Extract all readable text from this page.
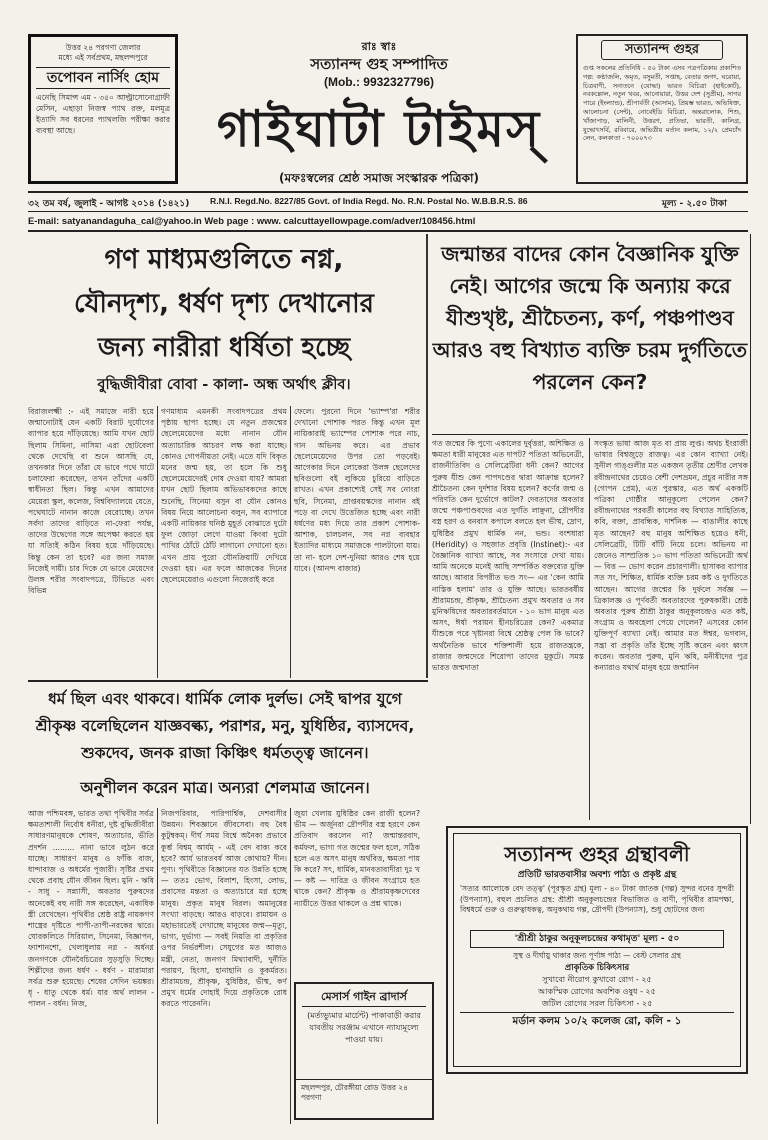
উত্তর ২৪ পরগণা জেলার
মধ্যে এই সর্বপ্রথম, মছলন্দপুরে
তপোবন নার্সিং হোম
এনেছি সিমান্স এম - ৩৫০ আল্ট্রাসোনোগ্রাফী মেসিন, এছাড়া নিজস্ব প্যাথ রক্ত, মলমূত্র ইত্যাদি সব ধরনের প্যাথলজি পরীক্ষা করার ব্যবস্থা আছে।
রাঃ স্বাঃ
সত্যানন্দ গুহ সম্পাদিত
(Mob.: 9932327796)
গাইঘাটা টাইমস্
(মফঃস্বলের শ্রেষ্ঠ সমাজ সংস্কারক পত্রিকা)
সত্যানন্দ গুহর
গুপ্ত সকলের প্রতিনিধি - ৫০ টাকা এসব পত্রপত্রিকায় প্রকাশিত গল্প: কণ্ঠাজলি, অমৃত, বসুমতী, সপ্তাহ, বেতার জগৎ, ঘরোয়া, চিত্রবাণী, সনাতনে (যোদ্ধা) ভারত বিচিত্রা (হাইকোর্ট), নবকল্লোল, নতুন খবর, আনোয়ারা, উত্তর দেশ (সুপ্রীম), সাগর পারে (ইংল্যান্ড), শ্রীপার্বতী (আসাম), প্রিয়ম্ভ ভারত, অভিষিক্ত, আলোচনা (সেন্ট), নোবেইডি বিচিত্রা, অন্তরালোক, শিশু, খাঁজাপাড়, মালিনী, উত্তরণ, প্রতিভা, ভারতী, কালিগ্র, যুদ্ধোৎসর্বি, রবিবারে, অভিত্রীয় মর্তান কলাম, ১২/২ প্রেমচাঁদ লেন, কলকাতা - ৭০০০৭৩
৩২ তম বর্ষ, জুলাই - আগষ্ট ২০১৪ (১৪২১) R.N.I. Regd.No. 8227/85 Govt. of India Regd. No. R.N. Postal No. W.B.B.R.S. 86	মূল্য - ২.৫০ টাকা
E-mail: satyanandaguha_cal@yahoo.in Web page : www. calcuttayellowpage.com/adver/108456.html
গণ মাধ্যমগুলিতে নগ্ন,
যৌনদৃশ্য, ধর্ষণ দৃশ্য দেখানোর
জন্য নারীরা ধর্ষিতা হচ্ছে
বুদ্ধিজীবীরা বোবা - কালা- অন্ধ অর্থাৎ ক্লীব।
বিরাজলক্ষ্মী :- এই সমাজে নারী হয়ে জন্মানোটাই যেন একটি বিরাট দুর্যোগের ব্যাপার হয়ে দাঁড়িয়েছে। আমি যখন ছোট ছিলাম সিমিনা, নাসিমা এরা ছোটবেলা থেকে দেখেছি বা শুনে আসছি যে, তখনকার দিনে তাঁরা যে ভাবে পথে ঘাটে চলাফেরা করেছেন, তখন তাঁদের একটি স্বাধীনতা ছিল। কিন্তু এখন আমাদের মেয়েরা স্কুল, কলেজ, বিশ্ববিদ্যালয়ে যেতে, পথেঘাটে নানান কাজে বেরোচ্ছে। তখন সর্বদা তাদের বাড়িতে না-ফেরা পর্যন্ত, তাদের উদ্বেগের সঙ্গে অপেক্ষা করতে হয় যা সত্যিই কঠিন বিষয় হয়ে দাঁড়িয়েছে। কিন্তু কেন তা হবে? এর জন্য সমাজ নিজেই দায়ী। চার দিকে যে ভাবে মেয়েদের উলঙ্গ শরীর সংবাদপত্রে, টিভিতে এবং বিভিন্ন
গণমাধ্যম এমনকী সংবাদপত্রের প্রথম পৃষ্ঠায় ছাপা হচ্ছে। যে নতুন প্রজন্মের ছেলেমেয়েদের মধ্যে নানান যৌন অত্যাচারিক আচরণ লক্ষ করা যাচ্ছে। কোনও গোপনীয়তা নেই। এতে যদি বিকৃত মনের জন্ম হয়, তা হলে কি শুধু ছেলেমেয়েদেরই দোষ দেওয়া যায়? আমরা যখন ছোট ছিলাম অভিভাবকদের কাছে শুনেছি, সিনেমা বসুন বা যৌন কোনও বিষয় নিয়ে আলোচনা বলুন, সব ব্যাপারে একটি নায়িকার ঘনিষ্ঠ মুহূর্ত বোঝাতে দুটো ফুল জোড়া লেগে যাওয়া কিংবা দুটো পাখির ঠোঁটে ঠোঁট লাগানো দেখানো হত। এখন প্রায় পুরো যৌনক্রিয়াটি দেখিয়ে দেওয়া হয়। এর ফলে আজকের দিনের ছেলেমেয়েরাও এগুলো নিজেরাই করে
ফেলে। পুরনো দিনে 'ভ্যাম্প'রা শরীর দেখানো পোশাক পরত কিন্তু এখন মূল নায়িকারাই ভ্যাম্পের পোশাক পরে নাচ, গান অভিনয় করে। এর প্রভাব ছেলেমেয়েদের উপর তো পড়বেই। আগেকার দিনে লোকেরা উলঙ্গ ছেলেদের ছবিগুলো বই লুকিয়ে চুরিয়ে বাড়িতে রাখত। এখন প্রকাশ্যেই সেই সব নোংরা ছবি, সিনেমা, প্রাপ্তবয়স্কদের নানান বই পড়ে বা দেখে উত্তেজিত হচ্ছে এবং নারী ধর্ষণের মধ্য দিয়ে তার প্রকাশ পোশাক-আশাক, চালচলন, সব নগ্ন ব্যবহার ইত্যাদির মাধ্যমে সমাজকে পালটানো যায়। তা না- হলে দেশ-দুনিয়া আরও শেষ হয়ে যাবে। (আনন্দ বাজার)
জন্মান্তর বাদের কোন বৈজ্ঞানিক যুক্তি নেই। আগের জন্মে কি অন্যায় করে যীশুখৃষ্ট, শ্রীচৈতন্য, কর্ণ, পঞ্চপাণ্ডব আরও বহু বিখ্যাত ব্যক্তি চরম দুর্গতিতে পরলেন কেন?
গত জন্মের কি পুণ্যে একালের দুর্বৃত্তরা, অশিক্ষিত ও ক্ষমতা ধারী মানুষের এত দাপট? পতিতা অভিনেত্রী, রাজনীতিবিদ ও সেলিব্রেটিরা ধনী কেন? আগের পুরুষ যীশু কেন পাপদণ্ডের দ্বারা আক্রান্ত হলেন? শ্রীচৈতন্য কেন দুর্দশার বিষয় হলেন? কর্ণের জন্ম ও পরিণতি কেন দুর্ভোগে কাটল? দেবতাদের অবতার জন্মে পঞ্চপাণ্ডবদের এত দুর্গতি লাঞ্ছনা, দ্রৌপদীর বস্ত্র হরণ ও বনবাস কপালে বলতে হল ভীষ্ম, দ্রোণ, যুধিষ্ঠির প্রমুখ ধার্মিক নন, ভন্ড। বংশধারা (Heridity) ও সহজাত প্রবৃত্তি (Instinet):- এর বৈজ্ঞানিক ব্যাখ্যা আছে, সব সংসারে দেখা যায়। আমি অনেকে মনেই আছি সম্পর্কিত বক্তব্যের যুক্তি আছে। আবার বিপরীত ভণ্ড সং— এর 'কেন আমি নাস্তিক হলাম' তার ও যুক্তি আছে। ভারতবর্ষীয় শ্রীরামচন্দ্র, শ্রীকৃষ্ণ, শ্রীচৈতন্য প্রমুখ অবতার ও সব মুনিঋষিদের অবতারবর্তমানে - ১০ ভাগ মানুষ এত অসৎ, ঈর্ষা পরায়ন হীনচরিত্রের কেন? একমাত্র যীশুকে পরে খৃষ্টানরা বিশ্বে শ্রেষ্ঠত্ব পেল কি ভাবে? অর্থনৈতিক ভাবে শক্তিশালী হয়ে রাজতন্ত্রকে, রাজার জন্মদেরে শিরোপা তাদের মুকুটে। সমস্ত ভারত জন্মদাতা
সংস্কৃত ভাষা আজ মৃত বা প্রায় লুপ্ত। অথচ ইংরাজী ভাষার বিশ্বজুড়ে রাজত্ব। এর কোন ব্যাখ্যা নেই। সুনীল গাঙ্গুলীর মত একজন তৃতীয় শ্রেণীর লেখক রবীন্দ্রনাথের চেয়েও বেশী দেশভ্রমন, প্রচুর নারীর সঙ্গ (গোপন প্রেম), এত পুরস্কার, এত অর্থ এককটি পত্রিকা গোষ্ঠীর আনুকূল্যে পেলেন কেন? রবীন্দ্রনাথের পরবর্তী কালের বহু বিখ্যাত সাহিত্যিক, কবি, বক্তা, প্রাবন্ধিক, দার্শনিক — বাঙালীর কাছে মৃত আছেন? বহু মানুষ অশিক্ষিত হয়েও ধনী, সেলিব্রেটি, টিটি বাঁটি নিয়ে চলে। অভিনয় না জেনেও সাম্প্রতিক ১০ ভাগ পতিতা অভিনেত্রী অর্থ — বিত্ত — ভোগ করেন প্রচারণালী। হাসাকর ব্যাপার সত সং, শিক্ষিত, ধার্মিক ব্যক্তি চরম কষ্ট ও দুর্গতিতে আছেন। আগের জন্মের কি দুর্ফলে সর্বজ্ঞ — ত্রিকালজ্ঞ ও পূর্ণবর্তী অবতারদের পুরুষকারী। শ্রেষ্ঠ অবতার পুরুষ শ্রীশ্রী ঠাকুর অনুকূলচন্দ্রও এত কষ্ট, সংগ্রাম ও অবহেলা পেয়ে গেলেন? এসবের কোন যুক্তিপূর্ণ ব্যাখ্যা নেই। আমার মত ঈশ্বর, ভগবান, সন্ত্রা বা প্রকৃতি তাঁর ইচ্ছে সৃষ্টি করেন এবং ধ্বংস করেন। অবতার পুরুষ, মুনি ঋষি, মনীষীদের পুত্র কন্যারাও যথার্থ মানুষ হয়ে জন্মানিন
ধর্ম ছিল এবং থাকবে। ধার্মিক লোক দুর্লভ। সেই দ্বাপর যুগে শ্রীকৃষ্ণ বলেছিলেন যাজ্ঞবল্ক্য, পরাশর, মনু, যুধিষ্ঠির, ব্যাসদেব, শুকদেব, জনক রাজা কিঞ্চিৎ ধর্মতত্ত্ব জানেন।
অনুশীলন করেন মাত্র। অন্যরা শেলমাত্র জানেন।
আজ পশ্চিমবঙ্গ, ভারত তথা পৃথিবীর সর্বত্র ক্ষমতাশালী নির্বোধ ধনীরা, দুষ্ট বুদ্ধিজীবীরা সাধারণমানুষকে শোষণ, অত্যাচার, ভীতি প্রদর্শন ......... নানা ভাবে লুঠন করে যাচ্ছে। সাধারণ মানুষ ও ফাঁকি বাজ, ধান্দাবাজ ও অধর্মের পূজারী। সৃষ্টির প্রথম থেকে প্রবাহ যৌন জীবন ছিল। মুনি - ঋষি - সাধু - সন্ন্যাসী, অবতার পুরুষদের অনেকেই বহু নারী সঙ্গ করেছেন, একাধিক স্ত্রী রেখেছেন। পৃথিবীর শ্রেষ্ঠ রাষ্ট্র নায়কগণ শাস্ত্রের দৃষ্টিতে পাপী-তাপী-নরকের দ্বারে। ঘোরকলিতে সিরিয়াল, সিনেমা, বিজ্ঞাপন, ফ্যাশানশো, খেলাধুলায় নগ্ন - অর্ধনগ্ন জনগণকে যৌনবৈচিত্রের সুড়সুড়ি দিচ্ছে। শিল্পীদের জন্য ধর্ষণ - ধর্ষণ - মারামারা সর্বত্র শুরু হয়েছে। শেষের সেদিন ভয়ঙ্কর। ধৃ - ধাতু থেকে ধর্ম। যার অর্থ লালন - পালন - বর্ধন। নিজ,
নিজপরিবার, পারিপার্শ্বিক, দেশবাসীর উন্নয়ন। শিবজ্ঞানে জীবসেবা। বহু বৈধ কুটুম্বকম্। দীর্ঘ সময় বিশ্বে অনৈক্য প্রভাবে কুর্ম্ভ বিশ্বম্ আর্যম্ - এই বেদ বাক্য কবে হবে? আর্য ভারতবর্ষ আজ কোথায়? দীন। পুণ্য। পৃথিবীতে বিজ্ঞানের যত উন্নতি হচ্ছে — ততঃ ভোগ, বিলাশ, হিংসা, লোভ, প্রবাসের মন্ততা ও অত্যাচারে মগ্ন হচ্ছে মানুষ। প্রকৃত মানুষ বিরল। অমানুষের সংখ্যা বাড়ছে। আরও বাড়বে। রামায়ন ও মহাভারতেই দেখাচ্ছে মানুষের জন্ম—মৃত্যু, ভাগ্য, দুর্ভাগ্য — সবই নিয়তি বা প্রকৃতির ওপর নির্ভরশীল। সেযুগের মত আজও মন্ত্রী, নেতা, জনগণ মিথ্যাবাদী, দুর্নীতি পরায়ণ, হিংসা, হানাহানি ও কুকর্মরত। শ্রীরামচন্দ্র, শ্রীকৃষ্ণ, যুধিষ্ঠির, ভীষ্ম, কর্ণ প্রমুখ ধর্মের দোহাই দিয়ে প্রকৃতিকে রোধ করতে পারেননি।
জুয়া খেলায় যুধিষ্ঠির কেন রাজী হলেন? ভীম — অর্জুনরা দ্রৌপদীর বস্ত্র হরণে কেন প্রতিবাদ করলেন না? জন্মান্তরবাদ, কর্মফল, ভাগ্য গত জন্মের ফল হলে, সঠিক হলে এত অসৎ মানুষ অর্থবিত্ত, ক্ষমতা পায় কি করে? সৎ, ধার্মিক, মানবতাবাদীরা দুঃ খ — কষ্ট — দারিদ্র ও জীবন সংগ্রামে হত থাকে কেন? শ্রীকৃষ্ণ ও শ্রীরামকৃষ্ণদেবের ন্যায়ীতে উত্তর থাকলে ও প্রশ্ন থাকে।
মেসার্স গাইন ব্রাদার্স
(মর্ত্যভ্যুমার মার্চেন্ট) পাকাবাড়ী করার যাবতীয় সরঞ্জাম এখানে ন্যায্যমূল্যে পাওয়া যায়।
মছলন্দপুর, চৌরঙ্গীয়া রোড উত্তর ২৪ পরগণা
সত্যানন্দ গুহর গ্রন্থাবলী
প্রতিটি ভারতবাসীর অবশ্য পাঠ্য ও প্রকৃষ্ট গ্রন্থ
'সত্যর আলোকে বেদ তত্ত্ব' (পূরস্কৃত গ্রন্থ) মূল্য - ৪০ টাকা জাতক (গল্প) সুন্দর বনের সুন্দরী (উপন্যাস), বহুল প্রচলিত গ্রন্থ: শ্রীশ্রী অনুকূলচন্দ্রের বিভাজিত ও বাণী, পৃথিবীর রামপক্ষা, বিশ্বধর্মে গুরু ও গুরুত্বাধকত্ব, অনুকথায় গল্প, দ্রৌপদী (উপন্যাস), শুধু ছোটদের জন্য
'শ্রীশ্রী ঠাকুর অনুকূলচন্দ্রের কথামৃত' মূল্য - ৫০
সুস্থ ও দীর্ঘায়ু থাকার জন্য পূর্ণাঙ্গ পাঠ্য — বেস্ট সেলার গ্রন্থ
প্রাকৃতিক চিকিৎসার
সুখাবো নীরোগ কুখাবো রোগ - ২৫
আকস্মিক রোগের অবশিক ওষুধ - ২৫
জটিল রোগের সরল চিকিৎসা - ২৫
মর্ডান কলম ১০/২ কলেজ রো, কলি - ১
